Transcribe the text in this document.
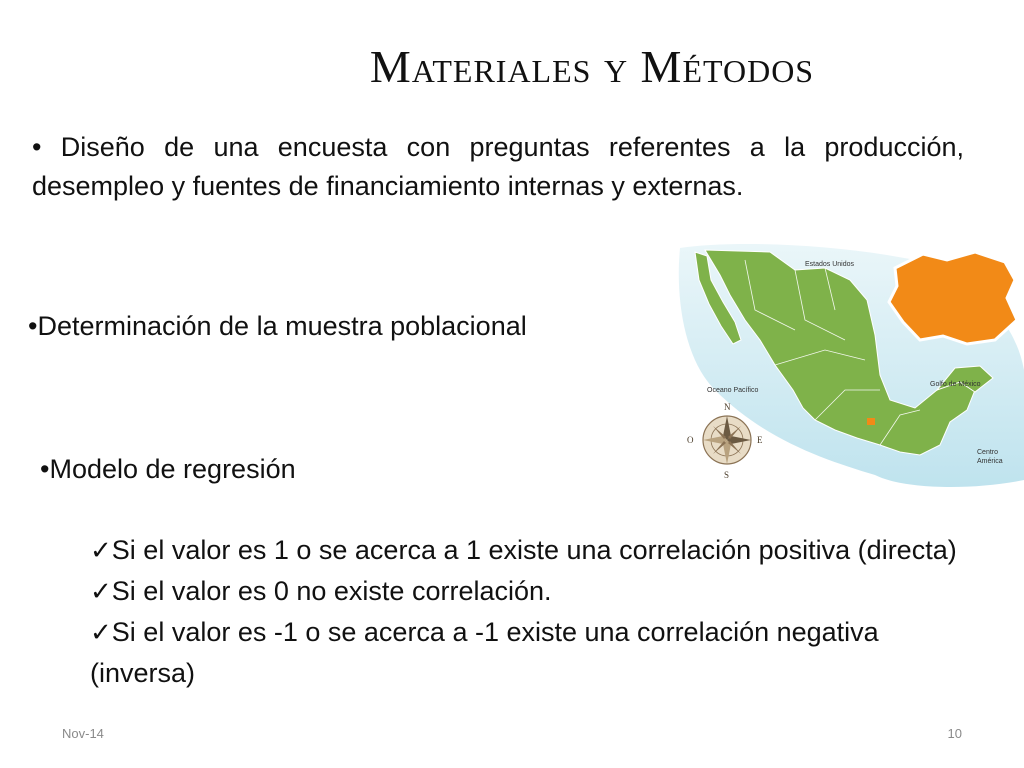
Materiales y Métodos
• Diseño de una encuesta con preguntas referentes a la producción, desempleo y fuentes de financiamiento internas y externas.
•Determinación de la muestra poblacional
•Modelo de regresión

✓Si el valor es 1 o se acerca a 1 existe una correlación positiva (directa)

✓Si el valor es 0 no existe correlación.

✓Si el valor es -1 o se acerca a -1 existe una correlación negativa (inversa)

Estados Unidos
Oceano Pacífico
Golfo de México
Centro
América
N
S
E
O
Nov-14	10
